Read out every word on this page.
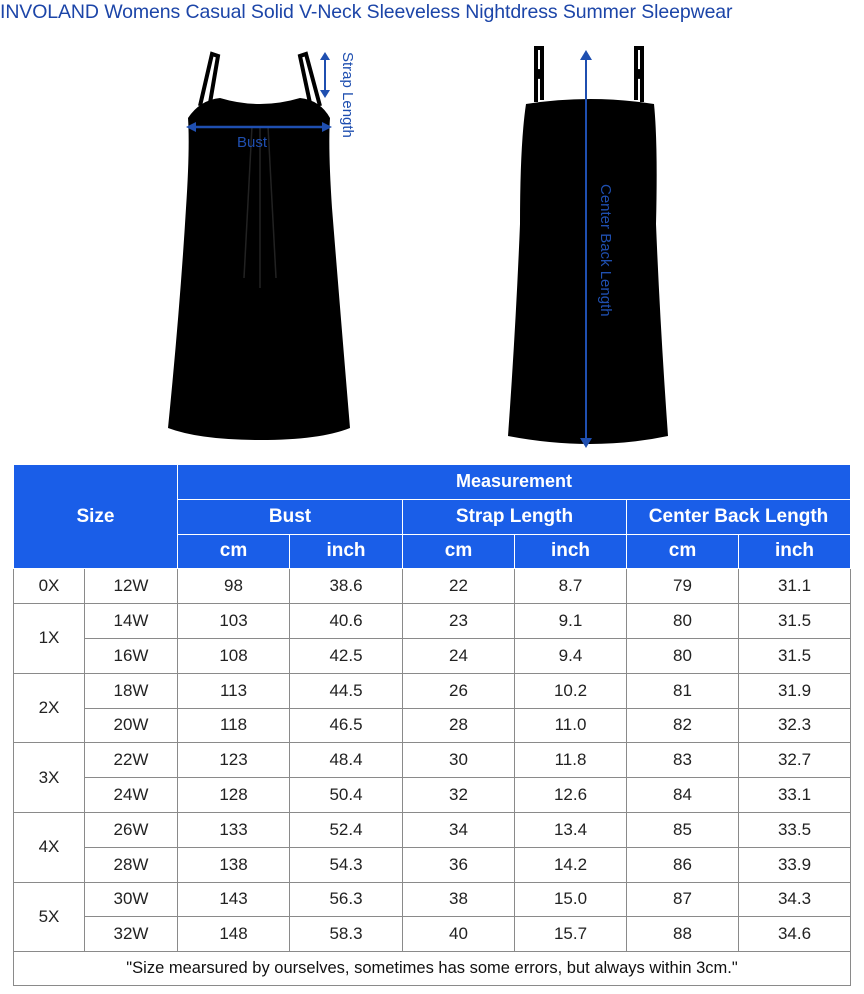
INVOLAND Womens Casual Solid V-Neck Sleeveless Nightdress Summer Sleepwear
Bust
Strap Length
Center Back Length
Size		Measurement					
		Bust		Strap Length		Center Back Length	
		cm	inch	cm	inch	cm	inch
0X	12W	98	38.6	22	8.7	79	31.1
1X	14W	103	40.6	23	9.1	80	31.5
	16W	108	42.5	24	9.4	80	31.5
2X	18W	113	44.5	26	10.2	81	31.9
	20W	118	46.5	28	11.0	82	32.3
3X	22W	123	48.4	30	11.8	83	32.7
	24W	128	50.4	32	12.6	84	33.1
4X	26W	133	52.4	34	13.4	85	33.5
	28W	138	54.3	36	14.2	86	33.9
5X	30W	143	56.3	38	15.0	87	34.3
	32W	148	58.3	40	15.7	88	34.6
"Size mearsured by ourselves, sometimes has some errors, but always within 3cm."							
